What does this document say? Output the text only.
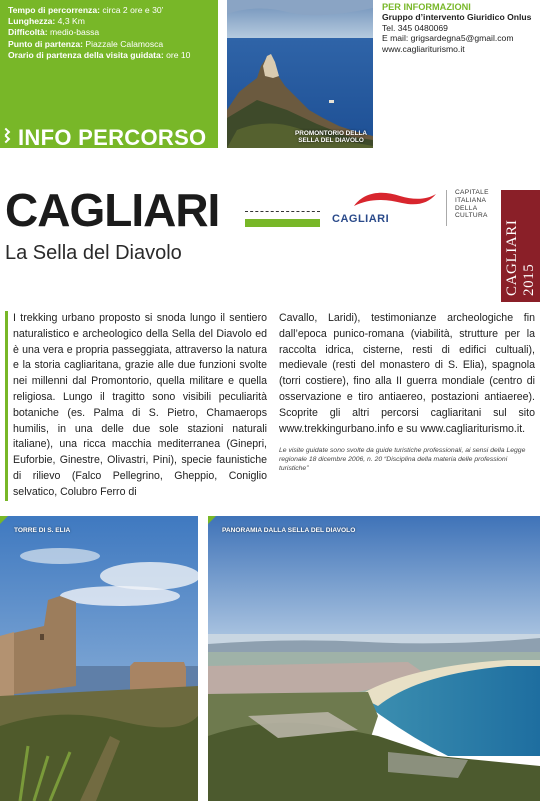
Tempo di percorrenza: circa 2 ore e 30’
Lunghezza: 4,3 Km
Difficoltà: medio-bassa
Punto di partenza: Piazzale Calamosca
Orario di partenza della visita guidata: ore 10
INFO PERCORSO	PROMONTORIO DELLA
SELLA DEL DIAVOLO
PER INFORMAZIONI
Gruppo d’intervento Giuridico Onlus
Tel. 345 0480069
E mail: grigsardegna5@gmail.com
www.cagliariturismo.it
CAGLIARI
La Sella del Diavolo
CAGLIARI
CAPITALE
ITALIANA
DELLA
CULTURA
CAGLIARI 2015
I trekking urbano proposto si snoda lungo il sentiero naturalistico e archeologico della Sella del Diavolo ed è una vera e propria passeggiata, attraverso la natura e la storia cagliaritana, grazie alle due funzioni svolte nei millenni dal Promontorio, quella militare e quella religiosa. Lungo il tragitto sono visibili peculiarità botaniche (es. Palma di S. Pietro, Chamaerops humilis, in una delle due sole stazioni naturali italiane), una ricca macchia mediterranea (Ginepri, Euforbie, Ginestre, Olivastri, Pini), specie faunistiche di rilievo (Falco Pellegrino, Gheppio, Coniglio selvatico, Colubro Ferro di
Cavallo, Laridi), testimonianze archeologiche fin dall’epoca punico-romana (viabilità, strutture per la raccolta idrica, cisterne, resti di edifici cultuali), medievale (resti del monastero di S. Elia), spagnola (torri costiere), fino alla II guerra mondiale (centro di osservazione e tiro antiaereo, postazioni antiaeree). Scoprite gli altri percorsi cagliaritani sul sito www.trekkingurbano.info e su www.cagliariturismo.it.
Le visite guidate sono svolte da guide turistiche professionali, ai sensi della Legge regionale 18 dicembre 2006, n. 20 “Disciplina della materia delle professioni turistiche”
TORRE DI S. ELIA	PANORAMIA DALLA SELLA DEL DIAVOLO
